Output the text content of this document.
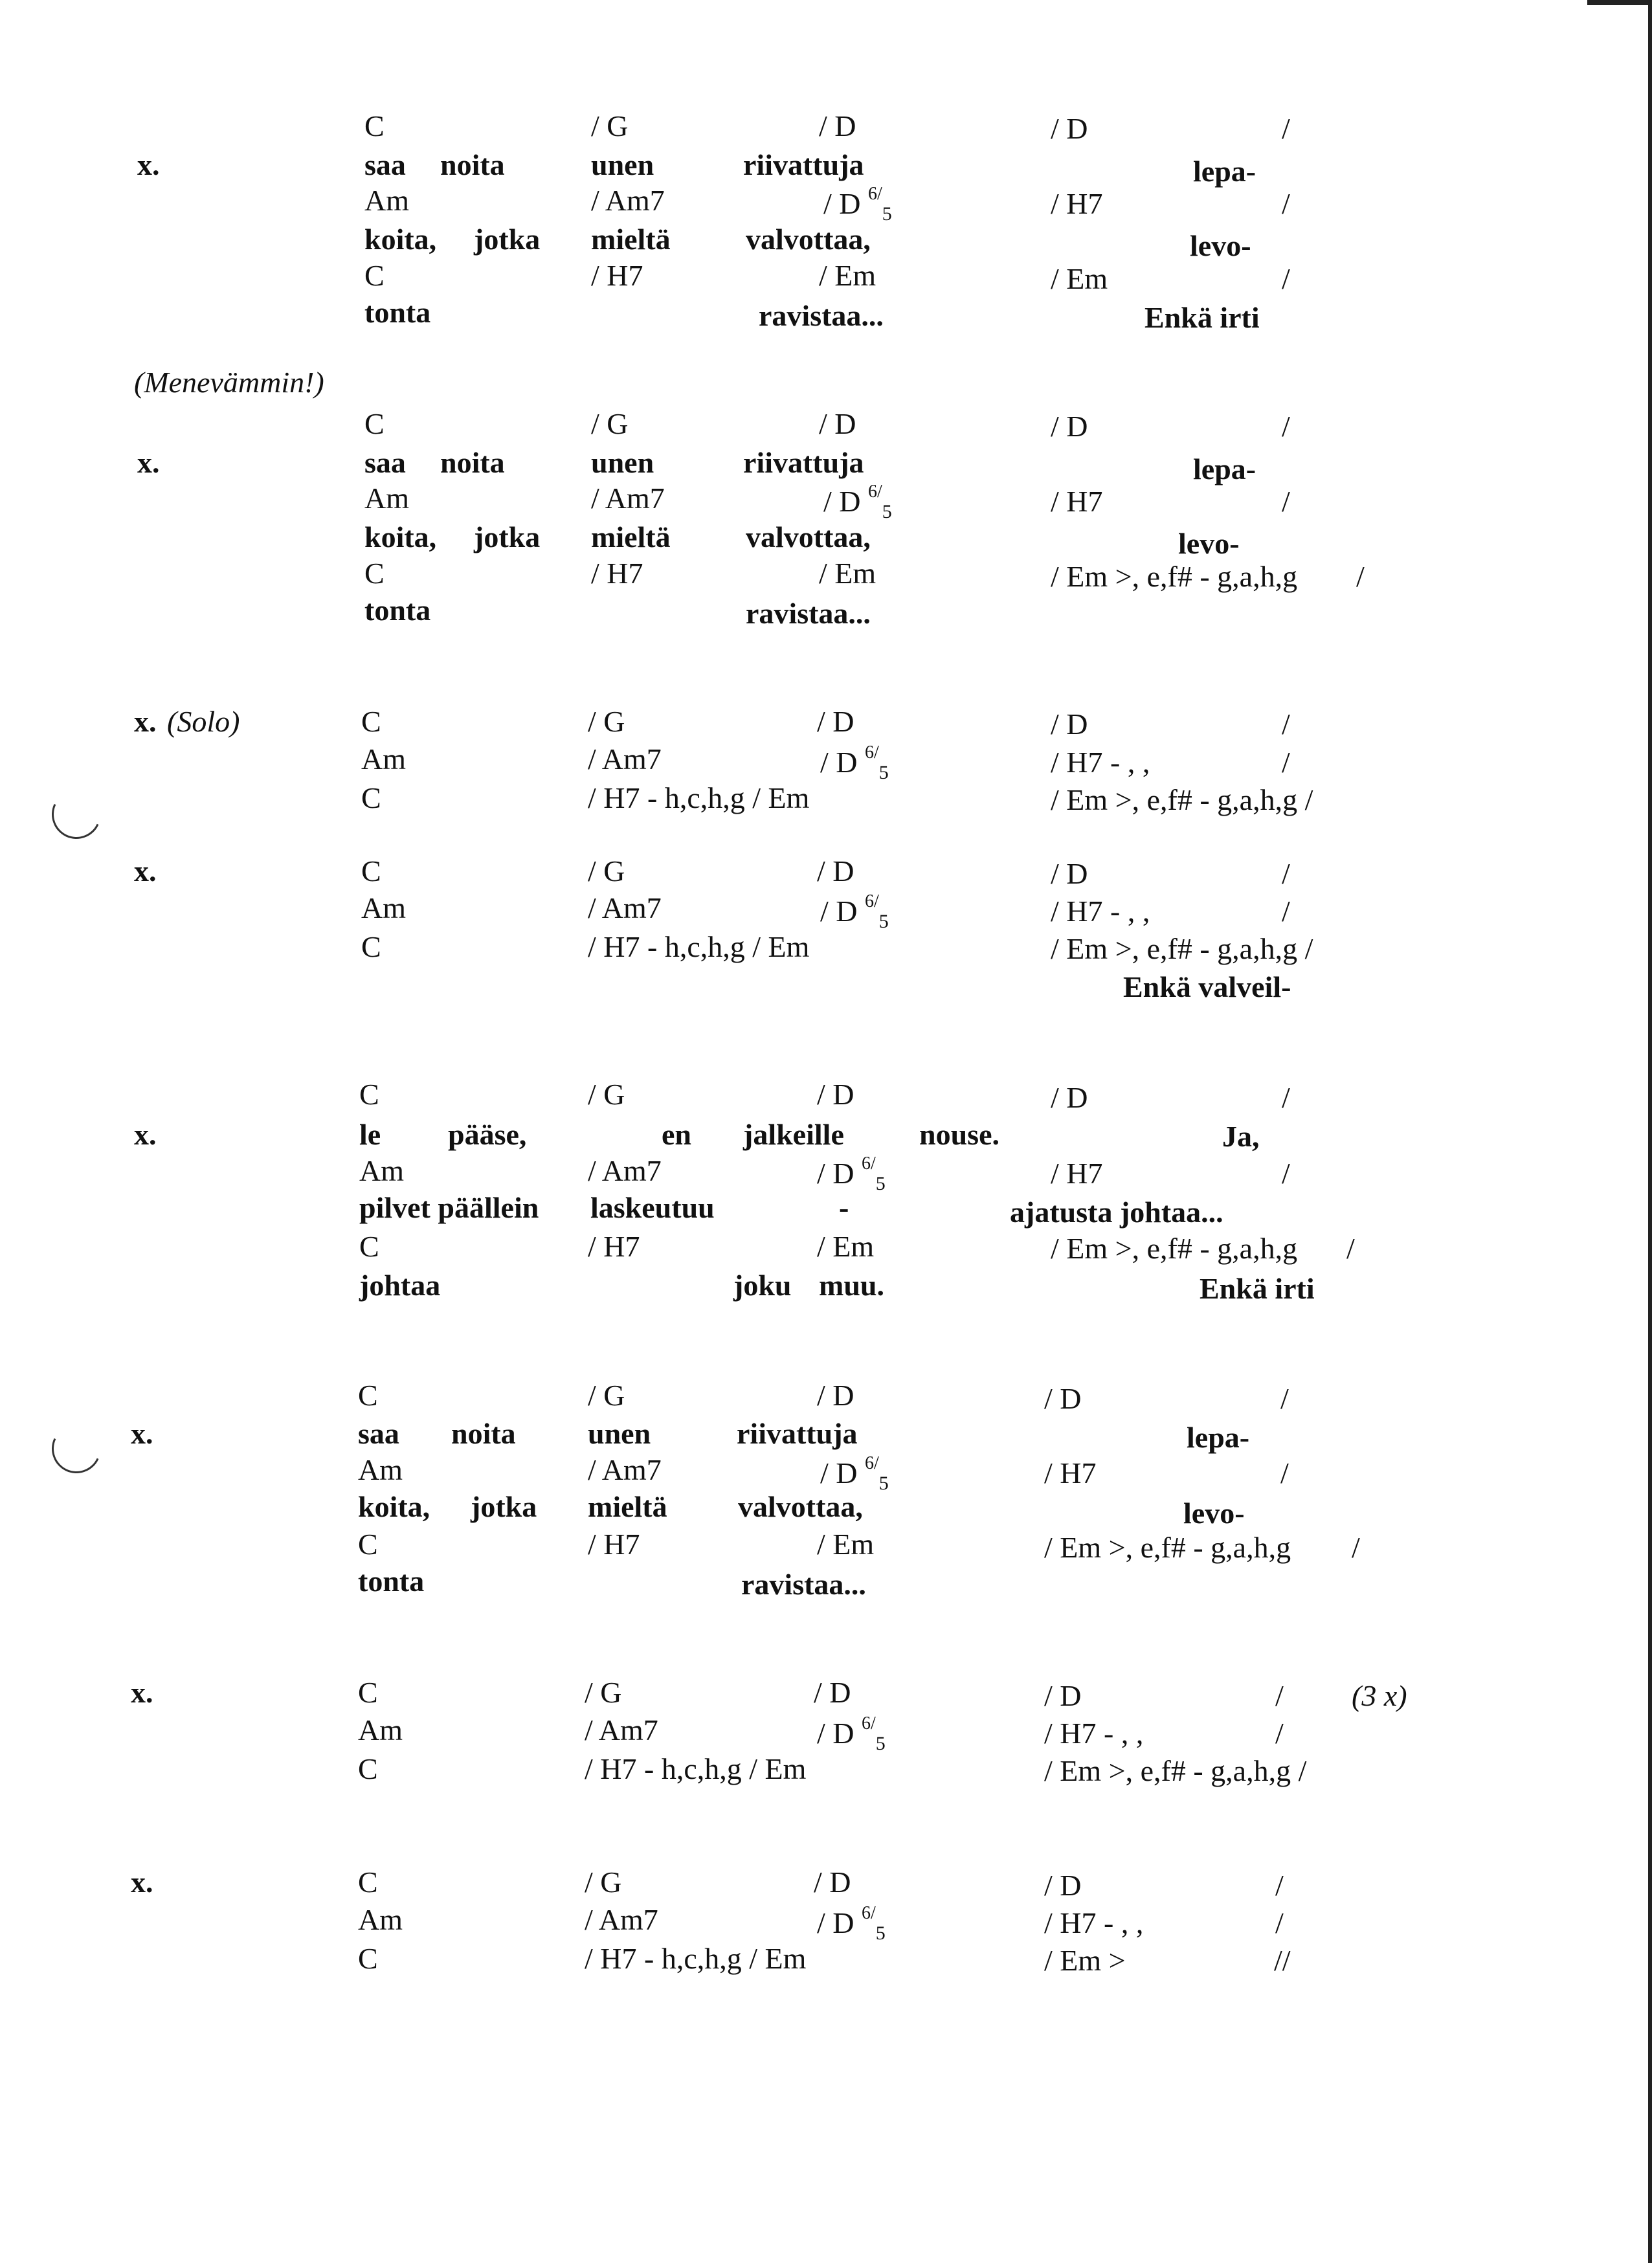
x.
C	/ G	/ D	/ D	/
saa noita	unen	riivattuja	lepa-
Am	/ Am7	/ D $^{6/}_5$	/ H7	/
koita, jotka mieltä	valvottaa,	levo-
C	/ H7	/ Em	/ Em	/
tonta	ravistaa...	Enkä irti
(Menevämmin!)
x.
C	/ G	/ D	/ D	/
saa noita	unen	riivattuja	lepa-
Am	/ Am7	/ D $^{6/}_5$	/ H7	/
koita, jotka mieltä	valvottaa,	levo-
C	/ H7	/ Em	/ Em >, e,f# - g,a,h,g /
tonta	ravistaa...
x. (Solo)	C	/ G	/ D	/ D	/
Am	/ Am7	/ D $^{6/}_5$	/ H7 - , ,	/
C	/ H7 - h,c,h,g / Em	/ Em >, e,f# - g,a,h,g /
x.	C	/ G	/ D	/ D	/
Am	/ Am7	/ D $^{6/}_5$	/ H7 - , ,	/
C	/ H7 - h,c,h,g / Em	/ Em >, e,f# - g,a,h,g /
Enkä valveil-
x.
C	/ G	/ D	/ D	/
le pääse,	en jalkeille	nouse.	Ja,
Am	/ Am7	/ D $^{6/}_5$	/ H7	/
pilvet päällein laskeutuu	-	ajatusta johtaa...
C	/ H7	/ Em	/ Em >, e,f# - g,a,h,g /
johtaa	joku muu.	Enkä irti
x.
C	/ G	/ D	/ D	/
saa noita unen	riivattuja	lepa-
Am	/ Am7	/ D $^{6/}_5$	/ H7	/
koita, jotka mieltä valvottaa,	levo-
C	/ H7	/ Em	/ Em >, e,f# - g,a,h,g /
tonta	ravistaa...
x.	C	/ G	/ D	/ D	/ (3 x)
Am	/ Am7	/ D $^{6/}_5$	/ H7 - , ,	/
C	/ H7 - h,c,h,g / Em	/ Em >, e,f# - g,a,h,g /
x.	C	/ G	/ D	/ D	/
Am	/ Am7	/ D $^{6/}_5$	/ H7 - , ,	/
C	/ H7 - h,c,h,g / Em	/ Em >	//
